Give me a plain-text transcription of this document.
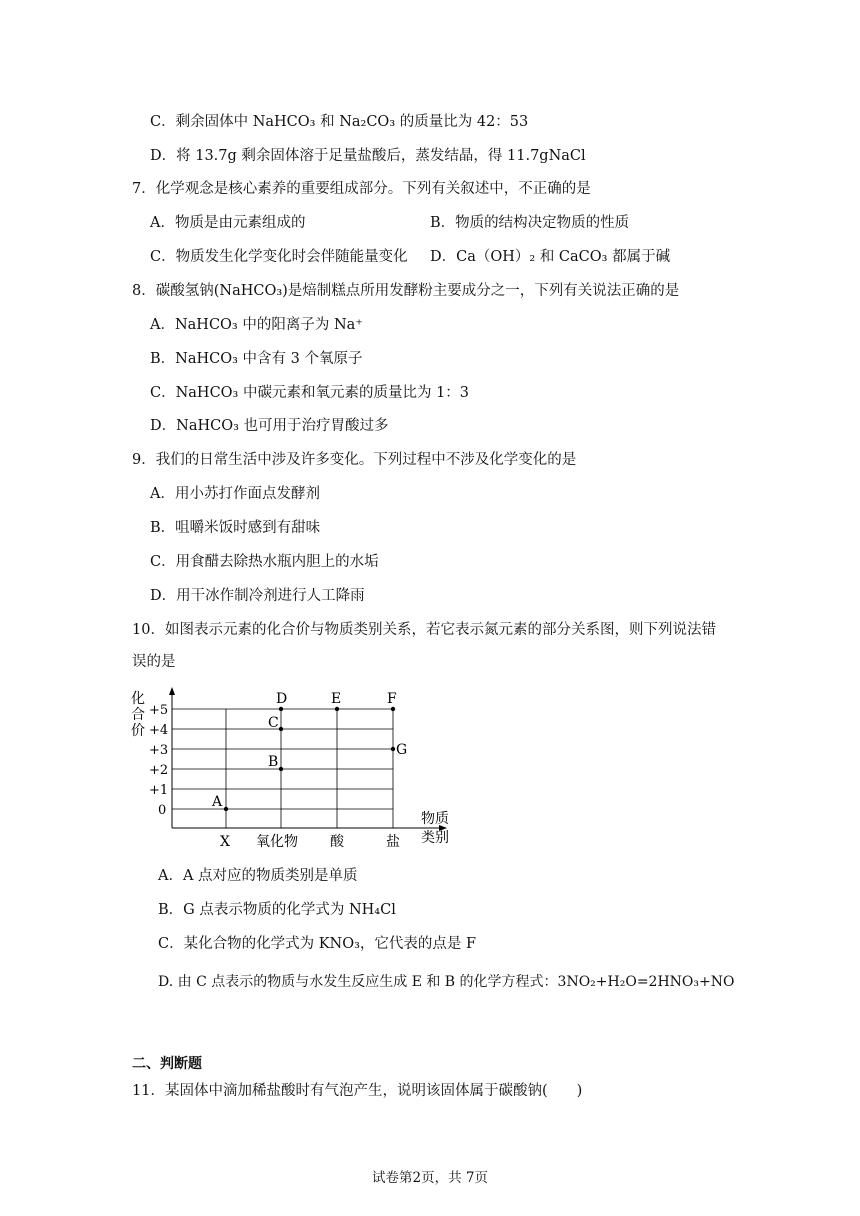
C．剩余固体中 NaHCO₃ 和 Na₂CO₃ 的质量比为 42：53
D．将 13.7g 剩余固体溶于足量盐酸后，蒸发结晶，得 11.7gNaCl
7．化学观念是核心素养的重要组成部分。下列有关叙述中，不正确的是
A．物质是由元素组成的	B．物质的结构决定物质的性质
C．物质发生化学变化时会伴随能量变化 D．Ca（OH）₂ 和 CaCO₃ 都属于碱
8．碳酸氢钠(NaHCO₃)是焙制糕点所用发酵粉主要成分之一，下列有关说法正确的是
A．NaHCO₃ 中的阳离子为 Na⁺
B．NaHCO₃ 中含有 3 个氧原子
C．NaHCO₃ 中碳元素和氧元素的质量比为 1：3
D．NaHCO₃ 也可用于治疗胃酸过多
9．我们的日常生活中涉及许多变化。下列过程中不涉及化学变化的是
A．用小苏打作面点发酵剂
B．咀嚼米饭时感到有甜味
C．用食醋去除热水瓶内胆上的水垢
D．用干冰作制冷剂进行人工降雨
10．如图表示元素的化合价与物质类别关系，若它表示氮元素的部分关系图，则下列说法错
误的是
化
合
价
+5
+4
+3
+2
+1
0
X 氧化物 酸	盐
物质
类别
A
B
C
D	E	F
G
A．A 点对应的物质类别是单质
B．G 点表示物质的化学式为 NH₄Cl
C．某化合物的化学式为 KNO₃，它代表的点是 F
D. 由 C 点表示的物质与水发生反应生成 E 和 B 的化学方程式：3NO₂+H₂O=2HNO₃+NO
二、判断题
11．某固体中滴加稀盐酸时有气泡产生，说明该固体属于碳酸钠(　　)
试卷第2页，共 7页
